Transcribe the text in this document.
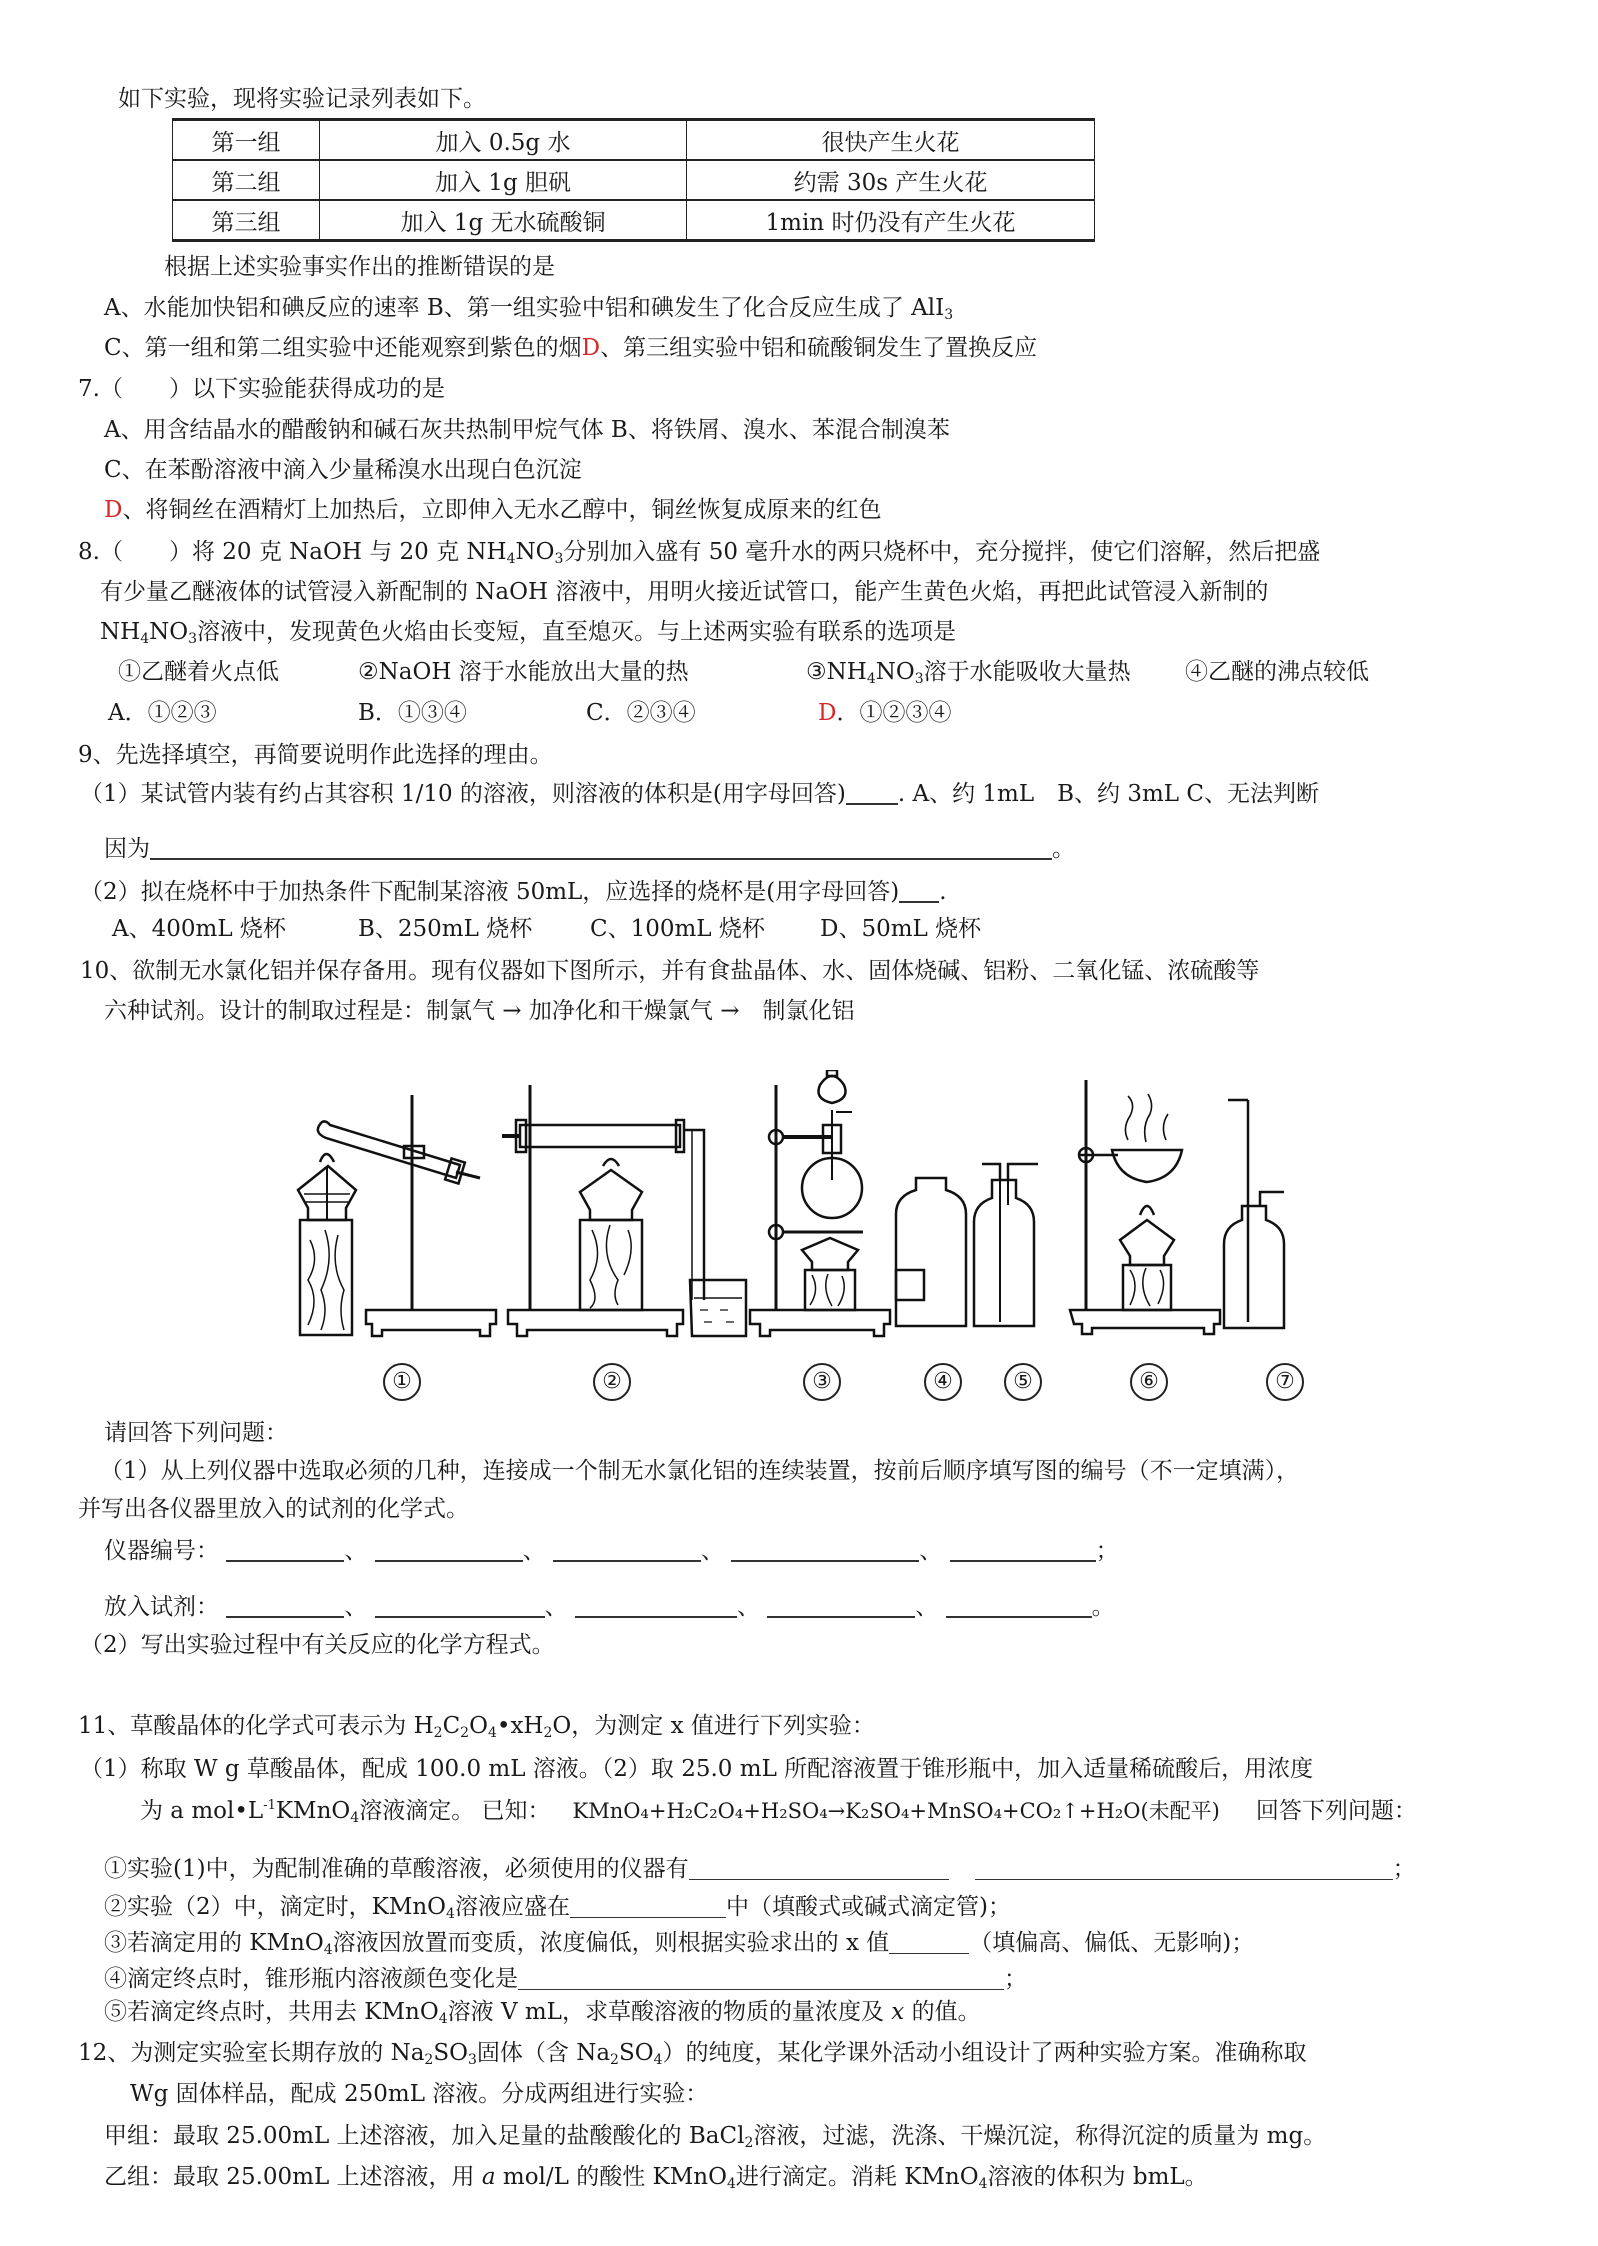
如下实验，现将实验记录列表如下。
第一组	加入 0.5g 水	很快产生火花
第二组	加入 1g 胆矾	约需 30s 产生火花
第三组	加入 1g 无水硫酸铜	1min 时仍没有产生火花
根据上述实验事实作出的推断错误的是
A、水能加快铝和碘反应的速率 B、第一组实验中铝和碘发生了化合反应生成了 AlI$_3$
C、第一组和第二组实验中还能观察到紫色的烟D、第三组实验中铝和硫酸铜发生了置换反应
7.（　　）以下实验能获得成功的是
A、用含结晶水的醋酸钠和碱石灰共热制甲烷气体 B、将铁屑、溴水、苯混合制溴苯
C、在苯酚溶液中滴入少量稀溴水出现白色沉淀
D、将铜丝在酒精灯上加热后，立即伸入无水乙醇中，铜丝恢复成原来的红色
8.（　　）将 20 克 NaOH 与 20 克 $NH_4NO_3$分别加入盛有 50 毫升水的两只烧杯中，充分搅拌，使它们溶解，然后把盛
有少量乙醚液体的试管浸入新配制的 NaOH 溶液中，用明火接近试管口，能产生黄色火焰，再把此试管浸入新制的
$NH_4NO_3$溶液中，发现黄色火焰由长变短，直至熄灭。与上述两实验有联系的选项是
①乙醚着火点低	②NaOH 溶于水能放出大量的热	$③NH_4NO_3$溶于水能吸收大量热 ④乙醚的沸点较低
A．①②③	B．①③④	C．②③④	D．①②③④
9、先选择填空，再简要说明作此选择的理由。
（1）某试管内装有约占其容积 1/10 的溶液，则溶液的体积是(用字母回答) . A、约 1mL　B、约 3mL C、无法判断
因为	。
（2）拟在烧杯中于加热条件下配制某溶液 50mL，应选择的烧杯是(用字母回答) .
A、400mL 烧杯	B、250mL 烧杯	C、100mL 烧杯 D、50mL 烧杯
10、欲制无水氯化铝并保存备用。现有仪器如下图所示，并有食盐晶体、水、固体烧碱、铝粉、二氧化锰、浓硫酸等
六种试剂。设计的制取过程是：制氯气 → 加净化和干燥氯气 →　制氯化铝
①	②	③	④	⑤	⑥	⑦
请回答下列问题：
（1）从上列仪器中选取必须的几种，连接成一个制无水氯化铝的连续装置，按前后顺序填写图的编号（不一定填满），
并写出各仪器里放入的试剂的化学式。
仪器编号：	、	、	、	、	；
放入试剂：	、	、	、	、	。
（2）写出实验过程中有关反应的化学方程式。
11、草酸晶体的化学式可表示为 $H_2C_2O_4•xH_2O$，为测定 x 值进行下列实验：
（1）称取 W g 草酸晶体，配成 100.0 mL 溶液。（2）取 25.0 mL 所配溶液置于锥形瓶中，加入适量稀硫酸后，用浓度
为 a $mol•L^{-1}KMnO_4$溶液滴定。 已知： KMnO₄+H₂C₂O₄+H₂SO₄→K₂SO₄+MnSO₄+CO₂↑+H₂O(未配平) 回答下列问题：
①实验(1)中，为配制准确的草酸溶液，必须使用的仪器有	；
②实验（2）中，滴定时，KMnO$_4$溶液应盛在	中（填酸式或碱式滴定管)；
③若滴定用的 KMnO$_4$溶液因放置而变质，浓度偏低，则根据实验求出的 x 值	（填偏高、偏低、无影响)；
④滴定终点时，锥形瓶内溶液颜色变化是	；
⑤若滴定终点时，共用去 KMnO$_4$溶液 V mL，求草酸溶液的物质的量浓度及 x 的值。
12、为测定实验室长期存放的 $Na_2SO_3$固体（含 $Na_2SO_4$）的纯度，某化学课外活动小组设计了两种实验方案。准确称取
Wg 固体样品，配成 250mL 溶液。分成两组进行实验：
甲组：最取 25.00mL 上述溶液，加入足量的盐酸酸化的 BaCl$_2$溶液，过滤，洗涤、干燥沉淀，称得沉淀的质量为 mg。
乙组：最取 25.00mL 上述溶液，用 a mol/L 的酸性 KMnO$_4$进行滴定。消耗 KMnO$_4$溶液的体积为 bmL。
